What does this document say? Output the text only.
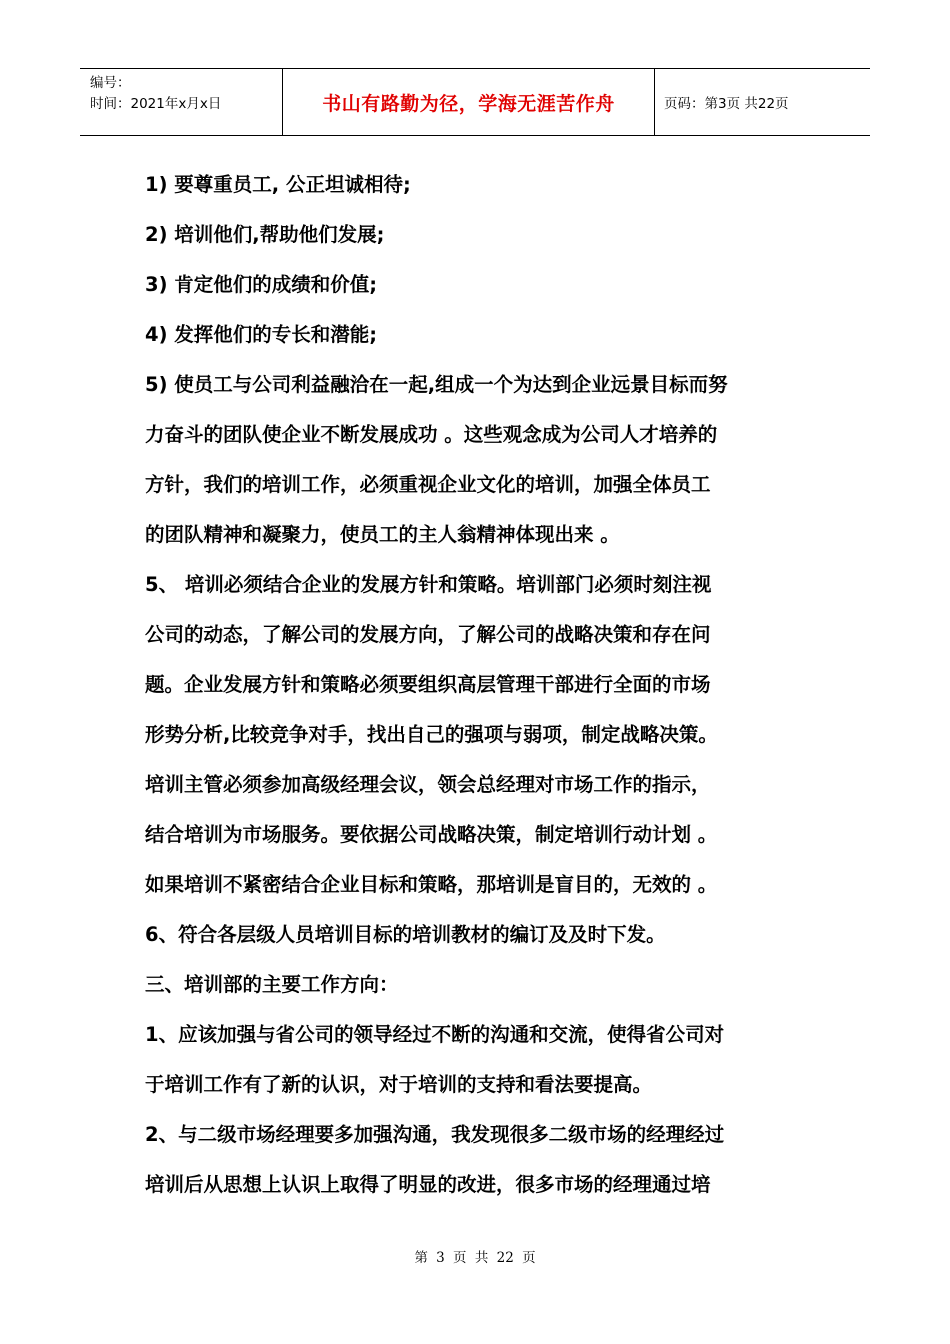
编号：
时间：2021年x月x日	书山有路勤为径，学海无涯苦作舟	页码：第3页 共22页

1) 要尊重员工, 公正坦诚相待;

2) 培训他们,帮助他们发展;

3) 肯定他们的成绩和价值;

4) 发挥他们的专长和潜能;

5) 使员工与公司利益融洽在一起,组成一个为达到企业远景目标而努

力奋斗的团队使企业不断发展成功 。这些观念成为公司人才培养的

方针，我们的培训工作，必须重视企业文化的培训，加强全体员工

的团队精神和凝聚力，使员工的主人翁精神体现出来 。

5、 培训必须结合企业的发展方针和策略。培训部门必须时刻注视

公司的动态，了解公司的发展方向，了解公司的战略决策和存在问

题。企业发展方针和策略必须要组织高层管理干部进行全面的市场

形势分析,比较竞争对手，找出自己的强项与弱项，制定战略决策。

培训主管必须参加高级经理会议，领会总经理对市场工作的指示，

结合培训为市场服务。要依据公司战略决策，制定培训行动计划 。

如果培训不紧密结合企业目标和策略，那培训是盲目的，无效的 。

6、符合各层级人员培训目标的培训教材的编订及及时下发。

三、培训部的主要工作方向：

1、应该加强与省公司的领导经过不断的沟通和交流，使得省公司对

于培训工作有了新的认识，对于培训的支持和看法要提高。

2、与二级市场经理要多加强沟通，我发现很多二级市场的经理经过

培训后从思想上认识上取得了明显的改进，很多市场的经理通过培

第 3 页 共 22 页
